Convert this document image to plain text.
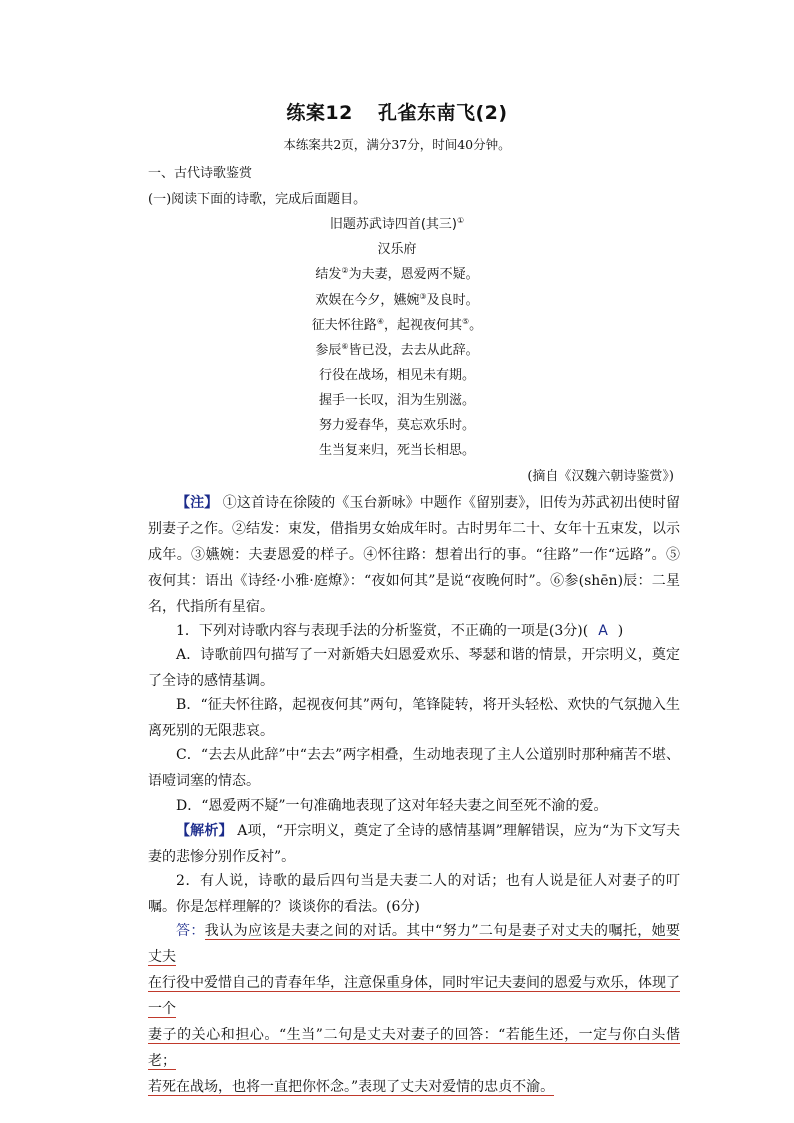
练案12 孔雀东南飞(2)
本练案共2页，满分37分，时间40分钟。
一、古代诗歌鉴赏
(一)阅读下面的诗歌，完成后面题目。
旧题苏武诗四首(其三)①
汉乐府
结发②为夫妻，恩爱两不疑。
欢娱在今夕，嬿婉③及良时。
征夫怀往路④，起视夜何其⑤。
参辰⑥皆已没，去去从此辞。
行役在战场，相见未有期。
握手一长叹，泪为生别滋。
努力爱春华，莫忘欢乐时。
生当复来归，死当长相思。
(摘自《汉魏六朝诗鉴赏》)
【注】 ①这首诗在徐陵的《玉台新咏》中题作《留别妻》，旧传为苏武初出使时留别妻子之作。②结发：束发，借指男女始成年时。古时男年二十、女年十五束发，以示成年。③嬿婉：夫妻恩爱的样子。④怀往路：想着出行的事。“往路”一作“远路”。⑤夜何其：语出《诗经·小雅·庭燎》：“夜如何其”是说“夜晚何时”。⑥参(shēn)辰：二星名，代指所有星宿。
1．下列对诗歌内容与表现手法的分析鉴赏，不正确的一项是(3分)( A )
A．诗歌前四句描写了一对新婚夫妇恩爱欢乐、琴瑟和谐的情景，开宗明义，奠定了全诗的感情基调。
B．“征夫怀往路，起视夜何其”两句，笔锋陡转，将开头轻松、欢快的气氛抛入生离死别的无限悲哀。
C．“去去从此辞”中“去去”两字相叠，生动地表现了主人公道别时那种痛苦不堪、语噎词塞的情态。
D．“恩爱两不疑”一句准确地表现了这对年轻夫妻之间至死不渝的爱。
【解析】 A项，“开宗明义，奠定了全诗的感情基调”理解错误，应为“为下文写夫妻的悲惨分别作反衬”。
2．有人说，诗歌的最后四句当是夫妻二人的对话；也有人说是征人对妻子的叮嘱。你是怎样理解的？谈谈你的看法。(6分)
答：我认为应该是夫妻之间的对话。其中“努力”二句是妻子对丈夫的嘱托，她要丈夫
在行役中爱惜自己的青春年华，注意保重身体，同时牢记夫妻间的恩爱与欢乐，体现了一个
妻子的关心和担心。“生当”二句是丈夫对妻子的回答：“若能生还，一定与你白头偕老；
若死在战场，也将一直把你怀念。”表现了丈夫对爱情的忠贞不渝。
